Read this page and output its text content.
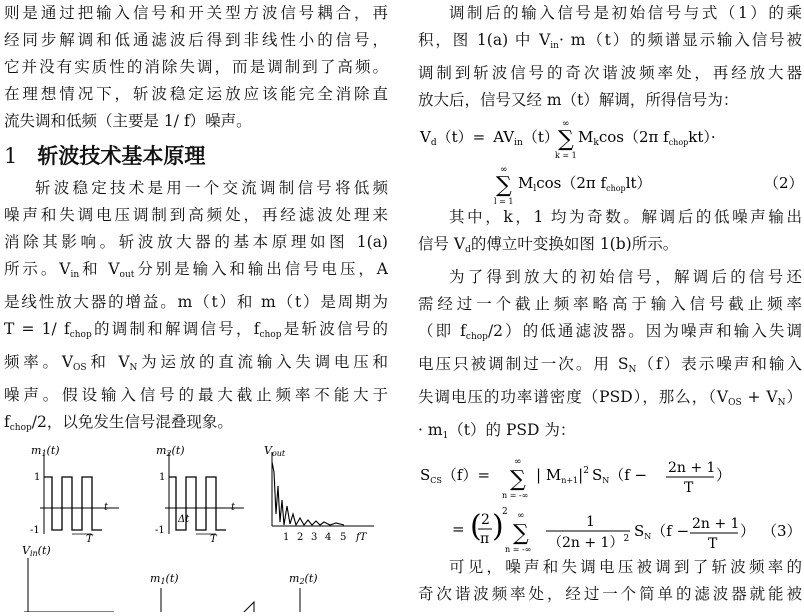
则是通过把输入信号和开关型方波信号耦合，再
经同步解调和低通滤波后得到非线性小的信号，
它并没有实质性的消除失调，而是调制到了高频。
在理想情况下，斩波稳定运放应该能完全消除直
流失调和低频（主要是 1/ f）噪声。

1 斩波技术基本原理

斩波稳定技术是用一个交流调制信号将低频
噪声和失调电压调制到高频处，再经滤波处理来
消除其影响。斩波放大器的基本原理如图 1(a)
所示。$V_{in}$和 $V_{out}$分别是输入和输出信号电压，A
是线性放大器的增益。m（t）和 m（t）是周期为
T = 1/ $f_{chop}$的调制和解调信号，$f_{chop}$是斩波信号的
频率。$V_{OS}$和 $V_N$为运放的直流输入失调电压和
噪声。假设输入信号的最大截止频率不能大于
$f_{chop}/2$，以免发生信号混叠现象。

m1(t)
1
-1
t
T
m2(t)
1
-1
t
Δt
T
Vout
1 2 3 4 5 fT
Vin(t)
m1(t)	m2(t)

调制后的输入信号是初始信号与式（1）的乘
积，图 1(a) 中 $V_{in}\cdot m(t)$的频谱显示输入信号被
调制到斩波信号的奇次谐波频率处，再经放大器
放大后，信号又经 m（t）解调，所得信号为：

$V_d(t)= AV_{in}(t)$ ∑
∞
k = 1
$M_k\cos(2\pi$ $f_{chop}kt)\cdot$
∑
∞
l = 1
$M_l\cos(2\pi$ $f_{chop}lt$）	（2）

其中，k，1 均为奇数。解调后的低噪声输出
信号 $V_d$的傅立叶变换如图 1(b)所示。
为了得到放大的初始信号，解调后的信号还
需经过一个截止频率略高于输入信号截止频率
（即 $f_{chop}/2$）的低通滤波器。因为噪声和输入失调
电压只被调制过一次。用 $S_N(f)$表示噪声和输入
失调电压的功率谱密度（PSD），那么，$(V_{OS} + V_N)$
· $m_1(t)$的 PSD 为：

$S_{CS}(f)=$ ∑
∞
n = -∞
| $M_{n+1}|^2$ $S_N(f - 2n + 1$
T
）
= ( 2
π )
2
∑
∞
n = -∞
1
$(2n + 1)^2$ $S_N(f - 2n + 1$
T
） （3）

可见，噪声和失调电压被调到了斩波频率的
奇次谐波频率处，经过一个简单的滤波器就能被
